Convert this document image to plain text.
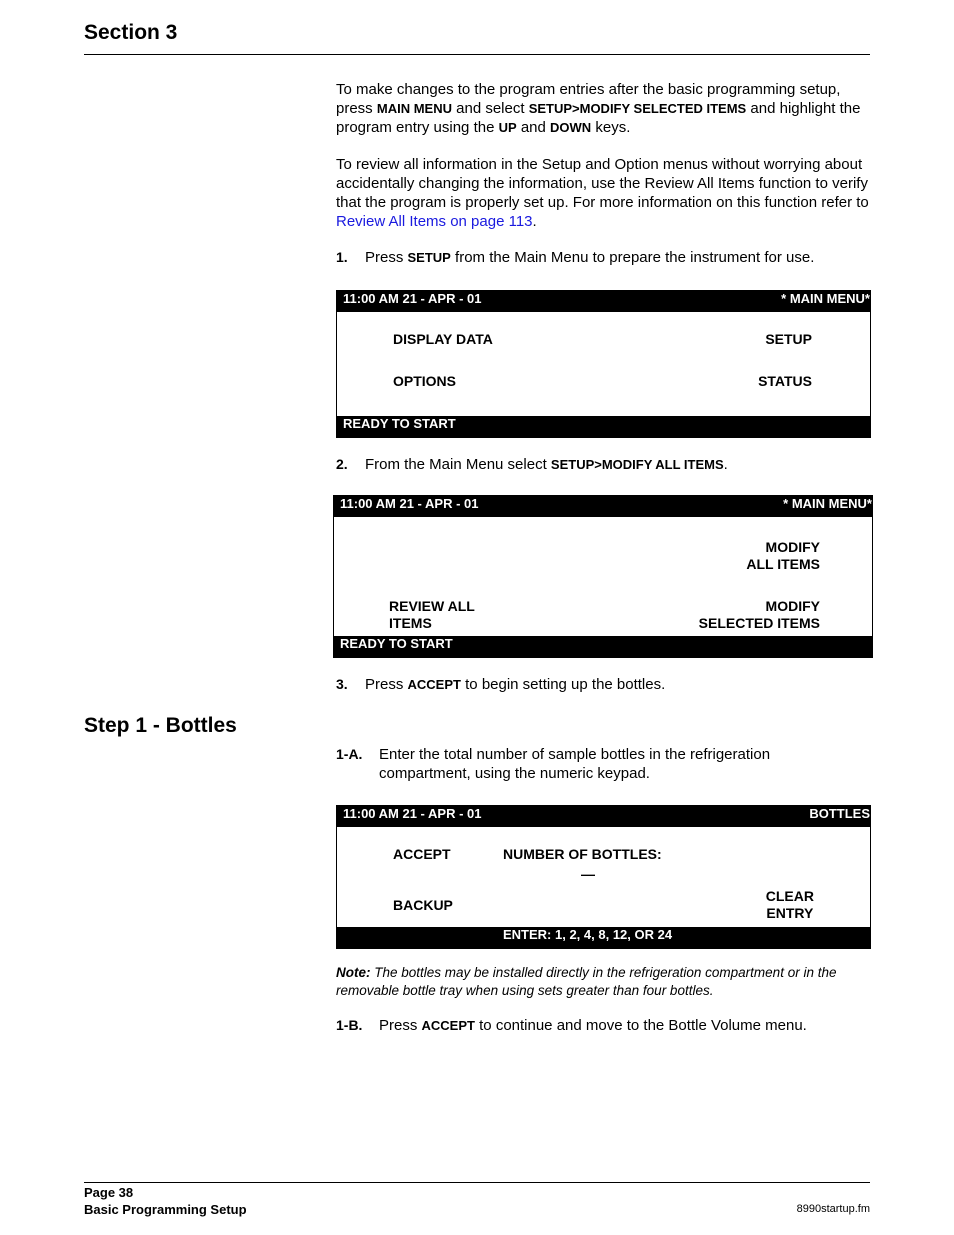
Section 3
To make changes to the program entries after the basic programming setup, press MAIN MENU and select SETUP>MODIFY SELECTED ITEMS and highlight the program entry using the UP and DOWN keys.
To review all information in the Setup and Option menus without worrying about accidentally changing the information, use the Review All Items function to verify that the program is properly set up. For more information on this function refer to Review All Items on page 113.
1. Press SETUP from the Main Menu to prepare the instrument for use.
11:00 AM 21 - APR - 01	* MAIN MENU*
DISPLAY DATA	SETUP
OPTIONS	STATUS
READY TO START
2. From the Main Menu select SETUP>MODIFY ALL ITEMS.
11:00 AM 21 - APR - 01	* MAIN MENU*
MODIFY
ALL ITEMS
REVIEW ALL
ITEMS
MODIFY
SELECTED ITEMS
READY TO START
3. Press ACCEPT to begin setting up the bottles.
Step 1 - Bottles
1-A. Enter the total number of sample bottles in the refrigeration compartment, using the numeric keypad.
11:00 AM 21 - APR - 01	BOTTLES
ACCEPT	NUMBER OF BOTTLES:
—
BACKUP
CLEAR
ENTRY
ENTER: 1, 2, 4, 8, 12, OR 24
Note: The bottles may be installed directly in the refrigeration compartment or in the removable bottle tray when using sets greater than four bottles.
1-B. Press ACCEPT to continue and move to the Bottle Volume menu.
Page 38
Basic Programming Setup	8990startup.fm
